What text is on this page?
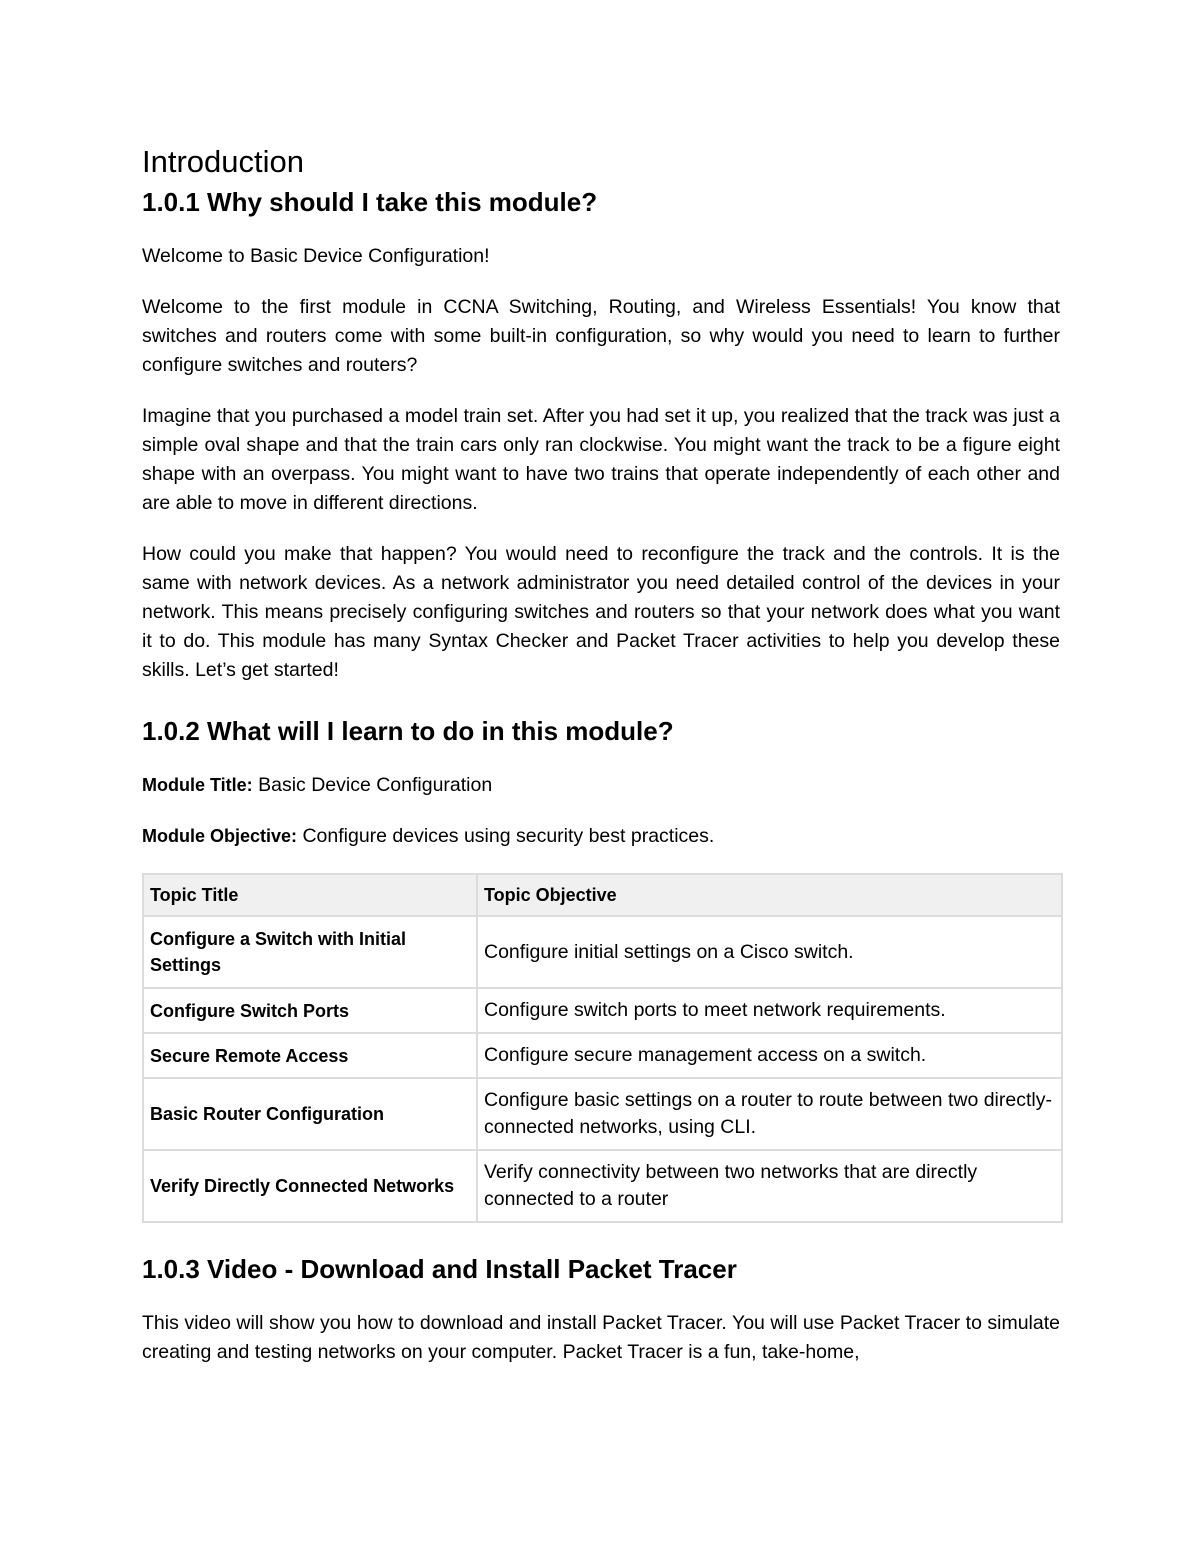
Introduction
1.0.1 Why should I take this module?

Welcome to Basic Device Configuration!

Welcome to the first module in CCNA Switching, Routing, and Wireless Essentials! You know that switches and routers come with some built-in configuration, so why would you need to learn to further configure switches and routers?

Imagine that you purchased a model train set. After you had set it up, you realized that the track was just a simple oval shape and that the train cars only ran clockwise. You might want the track to be a figure eight shape with an overpass. You might want to have two trains that operate independently of each other and are able to move in different directions.

How could you make that happen? You would need to reconfigure the track and the controls. It is the same with network devices. As a network administrator you need detailed control of the devices in your network. This means precisely configuring switches and routers so that your network does what you want it to do. This module has many Syntax Checker and Packet Tracer activities to help you develop these skills. Let’s get started!

1.0.2 What will I learn to do in this module?

Module Title: Basic Device Configuration

Module Objective: Configure devices using security best practices.

Topic Title	Topic Objective
Configure a Switch with Initial Settings	Configure initial settings on a Cisco switch.
Configure Switch Ports	Configure switch ports to meet network requirements.
Secure Remote Access	Configure secure management access on a switch.
Basic Router Configuration	Configure basic settings on a router to route between two directly-connected networks, using CLI.
Verify Directly Connected Networks	Verify connectivity between two networks that are directly connected to a router
1.0.3 Video - Download and Install Packet Tracer

This video will show you how to download and install Packet Tracer. You will use Packet Tracer to simulate creating and testing networks on your computer. Packet Tracer is a fun, take-home,
